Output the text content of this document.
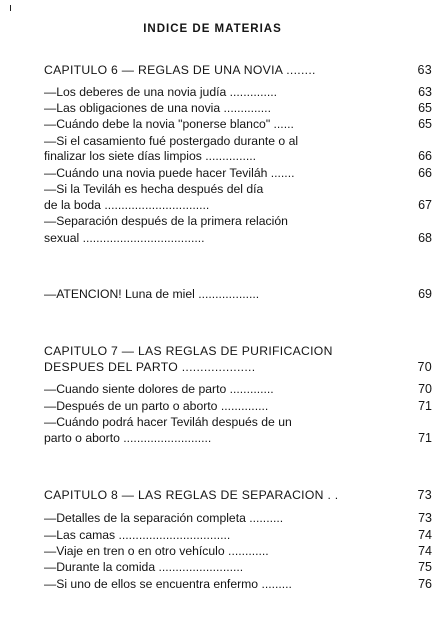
ı
INDICE DE MATERIAS
CAPITULO 6 — REGLAS DE UNA NOVIA ........	63
—Los deberes de una novia judía ..............	63
—Las obligaciones de una novia ..............	65
—Cuándo debe la novia "ponerse blanco" ......	65
—Si el casamiento fué postergado durante o al
finalizar los siete días limpios ...............	66
—Cuándo una novia puede hacer Teviláh .......	66
—Si la Teviláh es hecha después del día
de la boda ...............................	67
—Separación después de la primera relación
sexual ....................................	68
—ATENCION! Luna de miel ..................	69
CAPITULO 7 — LAS REGLAS DE PURIFICACION
DESPUES DEL PARTO ....................	70
—Cuando siente dolores de parto .............	70
—Después de un parto o aborto ..............	71
—Cuándo podrá hacer Teviláh después de un
parto o aborto ..........................	71
CAPITULO 8 — LAS REGLAS DE SEPARACION . .	73
—Detalles de la separación completa ..........	73
—Las camas .................................	74
—Viaje en tren o en otro vehículo ............	74
—Durante la comida .........................	75
—Si uno de ellos se encuentra enfermo .........	76
